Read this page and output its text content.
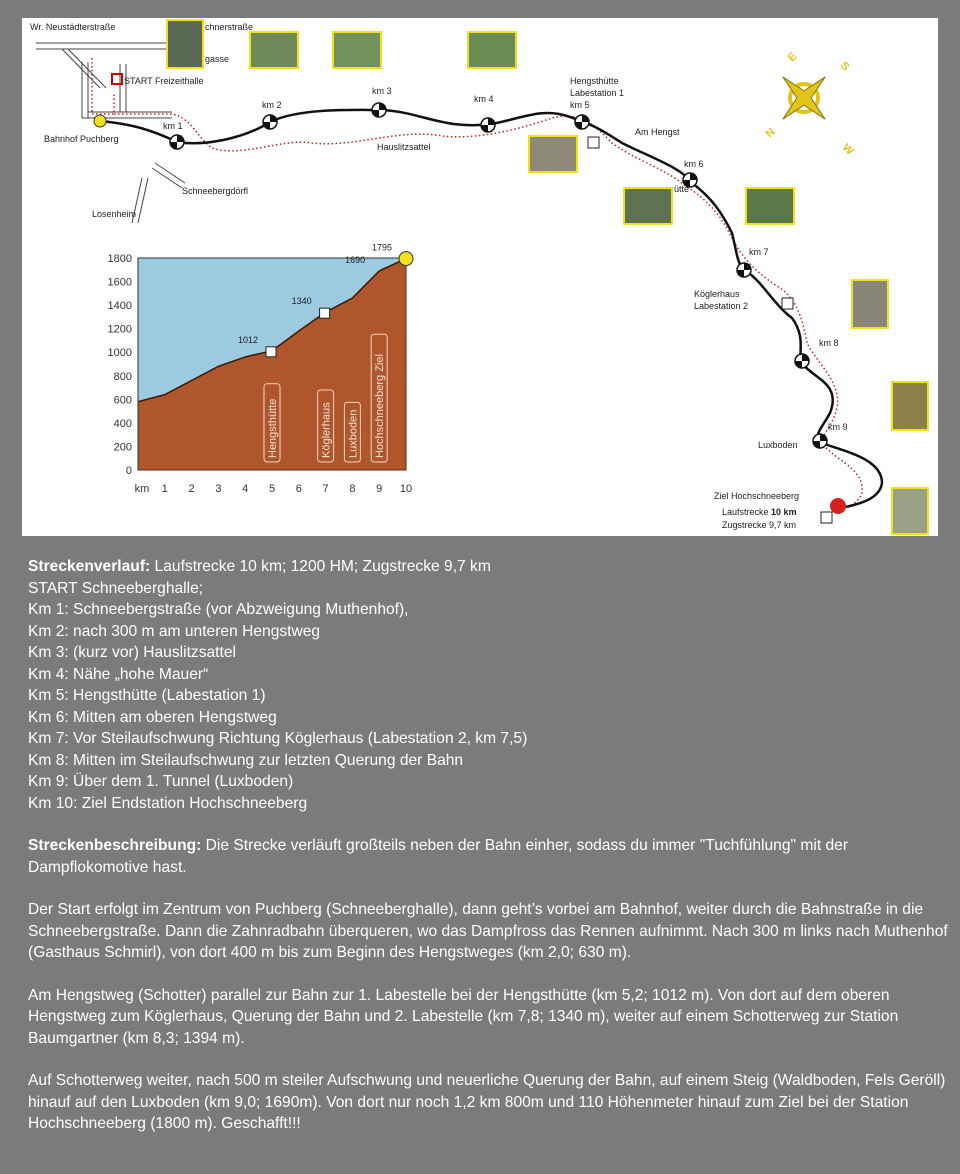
E
S
N
W
Wr. Neustädterstraße	chnerstraße
gasse
START Freizeithalle
Bahnhof Puchberg
Schneebergdörfl
Losenheim
Hauslitzsattel
Am Hengst
Hengsthütte
Labestation 1
ütte
Köglerhaus
Labestation 2
Luxboden
Ziel Hochschneeberg
Laufstrecke 10 km
Zugstrecke 9,7 km
km 1
km 2
km 3
km 4
km 5
km 6
km 7
km 8
km 9
1800
1600
1400
1200
1000
800
600
400
200
0
km 1 2 3 4 5 6 7 8 9 10
Hengsthütte	Köglerhaus Luxboden Hochschneeberg Ziel
1012
1340
1690
1795

Streckenverlauf: Laufstrecke 10 km; 1200 HM; Zugstrecke 9,7 km

START Schneeberghalle;

Km 1: Schneebergstraße (vor Abzweigung Muthenhof),

Km 2: nach 300 m am unteren Hengstweg

Km 3: (kurz vor) Hauslitzsattel

Km 4: Nähe „hohe Mauer“

Km 5: Hengsthütte (Labestation 1)

Km 6: Mitten am oberen Hengstweg

Km 7: Vor Steilaufschwung Richtung Köglerhaus (Labestation 2, km 7,5)

Km 8: Mitten im Steilaufschwung zur letzten Querung der Bahn

Km 9: Über dem 1. Tunnel (Luxboden)

Km 10: Ziel Endstation Hochschneeberg

Streckenbeschreibung: Die Strecke verläuft großteils neben der Bahn einher, sodass du immer "Tuchfühlung" mit der Dampflokomotive hast.

Der Start erfolgt im Zentrum von Puchberg (Schneeberghalle), dann geht’s vorbei am Bahnhof, weiter durch die Bahnstraße in die Schneebergstraße. Dann die Zahnradbahn überqueren, wo das Dampfross das Rennen aufnimmt. Nach 300 m links nach Muthenhof (Gasthaus Schmirl), von dort 400 m bis zum Beginn des Hengstweges (km 2,0; 630 m).

Am Hengstweg (Schotter) parallel zur Bahn zur 1. Labestelle bei der Hengsthütte (km 5,2; 1012 m). Von dort auf dem oberen Hengstweg zum Köglerhaus, Querung der Bahn und 2. Labestelle (km 7,8; 1340 m), weiter auf einem Schotterweg zur Station Baumgartner (km 8,3; 1394 m).

Auf Schotterweg weiter, nach 500 m steiler Aufschwung und neuerliche Querung der Bahn, auf einem Steig (Waldboden, Fels Geröll) hinauf auf den Luxboden (km 9,0; 1690m). Von dort nur noch 1,2 km 800m und 110 Höhenmeter hinauf zum Ziel bei der Station Hochschneeberg (1800 m). Geschafft!!!
